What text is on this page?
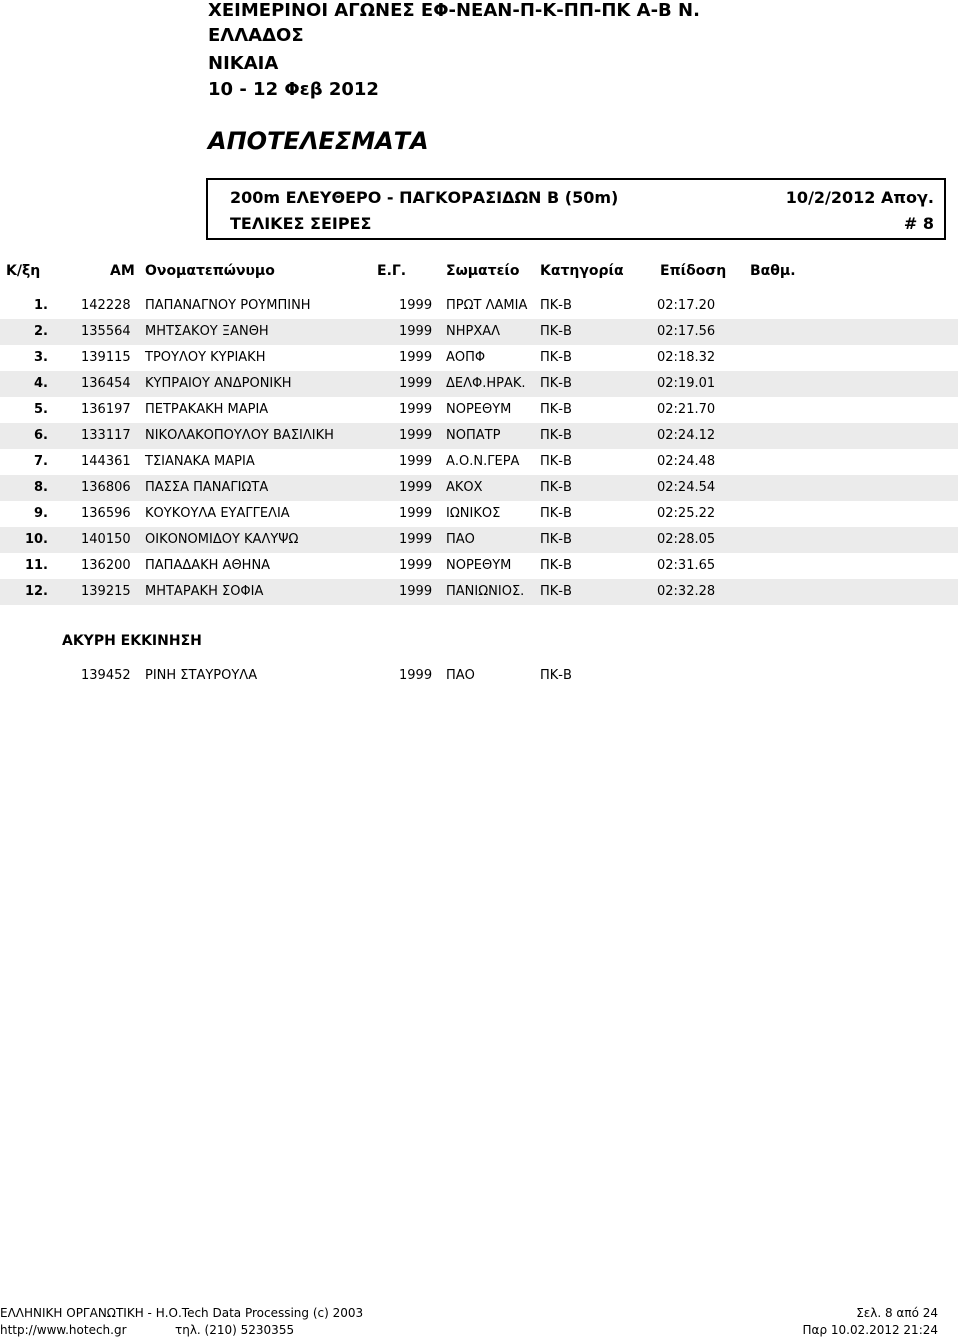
ΧΕΙΜΕΡΙΝΟΙ ΑΓΩΝΕΣ ΕΦ-ΝΕΑΝ-Π-Κ-ΠΠ-ΠΚ Α-Β Ν.
ΕΛΛΑΔΟΣ
ΝΙΚΑΙΑ
10 - 12 Φεβ 2012
ΑΠΟΤΕΛΕΣΜΑΤΑ
200m ΕΛΕΥΘΕΡΟ - ΠΑΓΚΟΡΑΣΙΔΩΝ Β (50m)	10/2/2012 Απογ.
ΤΕΛΙΚΕΣ ΣΕΙΡΕΣ	# 8
Κ/ξη	ΑΜ Ονοματεπώνυμο	Ε.Γ.	Σωματείο Κατηγορία	Επίδοση Βαθμ.
1.	142228 ΠΑΠΑΝΑΓΝΟΥ ΡΟΥΜΠΙΝΗ	1999 ΠΡΩΤ ΛΑΜΙΑ ΠΚ-Β	02:17.20
2.	135564 ΜΗΤΣΑΚΟΥ ΞΑΝΘΗ	1999 ΝΗΡΧΑΛ	ΠΚ-Β	02:17.56
3.	139115 ΤΡΟΥΛΟΥ ΚΥΡΙΑΚΗ	1999 ΑΟΠΦ	ΠΚ-Β	02:18.32
4.	136454 ΚΥΠΡΑΙΟΥ ΑΝΔΡΟΝΙΚΗ	1999 ΔΕΛΦ.ΗΡΑΚ. ΠΚ-Β	02:19.01
5.	136197 ΠΕΤΡΑΚΑΚΗ ΜΑΡΙΑ	1999 ΝΟΡΕΘΥΜ ΠΚ-Β	02:21.70
6.	133117 ΝΙΚΟΛΑΚΟΠΟΥΛΟΥ ΒΑΣΙΛΙΚΗ	1999 ΝΟΠΑΤΡ	ΠΚ-Β	02:24.12
7.	144361 ΤΣΙΑΝΑΚΑ ΜΑΡΙΑ	1999 Α.Ο.Ν.ΓΕΡΑ ΠΚ-Β	02:24.48
8.	136806 ΠΑΣΣΑ ΠΑΝΑΓΙΩΤΑ	1999 ΑΚΟΧ	ΠΚ-Β	02:24.54
9.	136596 ΚΟΥΚΟΥΛΑ ΕΥΑΓΓΕΛΙΑ	1999 ΙΩΝΙΚΟΣ	ΠΚ-Β	02:25.22
10.	140150 ΟΙΚΟΝΟΜΙΔΟΥ ΚΑΛΥΨΩ	1999 ΠΑΟ	ΠΚ-Β	02:28.05
11.	136200 ΠΑΠΑΔΑΚΗ ΑΘΗΝΑ	1999 ΝΟΡΕΘΥΜ ΠΚ-Β	02:31.65
12.	139215 ΜΗΤΑΡΑΚΗ ΣΟΦΙΑ	1999 ΠΑΝΙΩΝΙΟΣ. ΠΚ-Β	02:32.28
ΑΚΥΡΗ ΕΚΚΙΝΗΣΗ
139452 ΡΙΝΗ ΣΤΑΥΡΟΥΛΑ	1999 ΠΑΟ	ΠΚ-Β
ΕΛΛΗΝΙΚΗ ΟΡΓΑΝΩΤΙΚΗ - Η.Ο.Tech Data Processing (c) 2003
http://www.hotech.gr	τηλ. (210) 5230355
Σελ. 8 από 24
Παρ 10.02.2012 21:24
